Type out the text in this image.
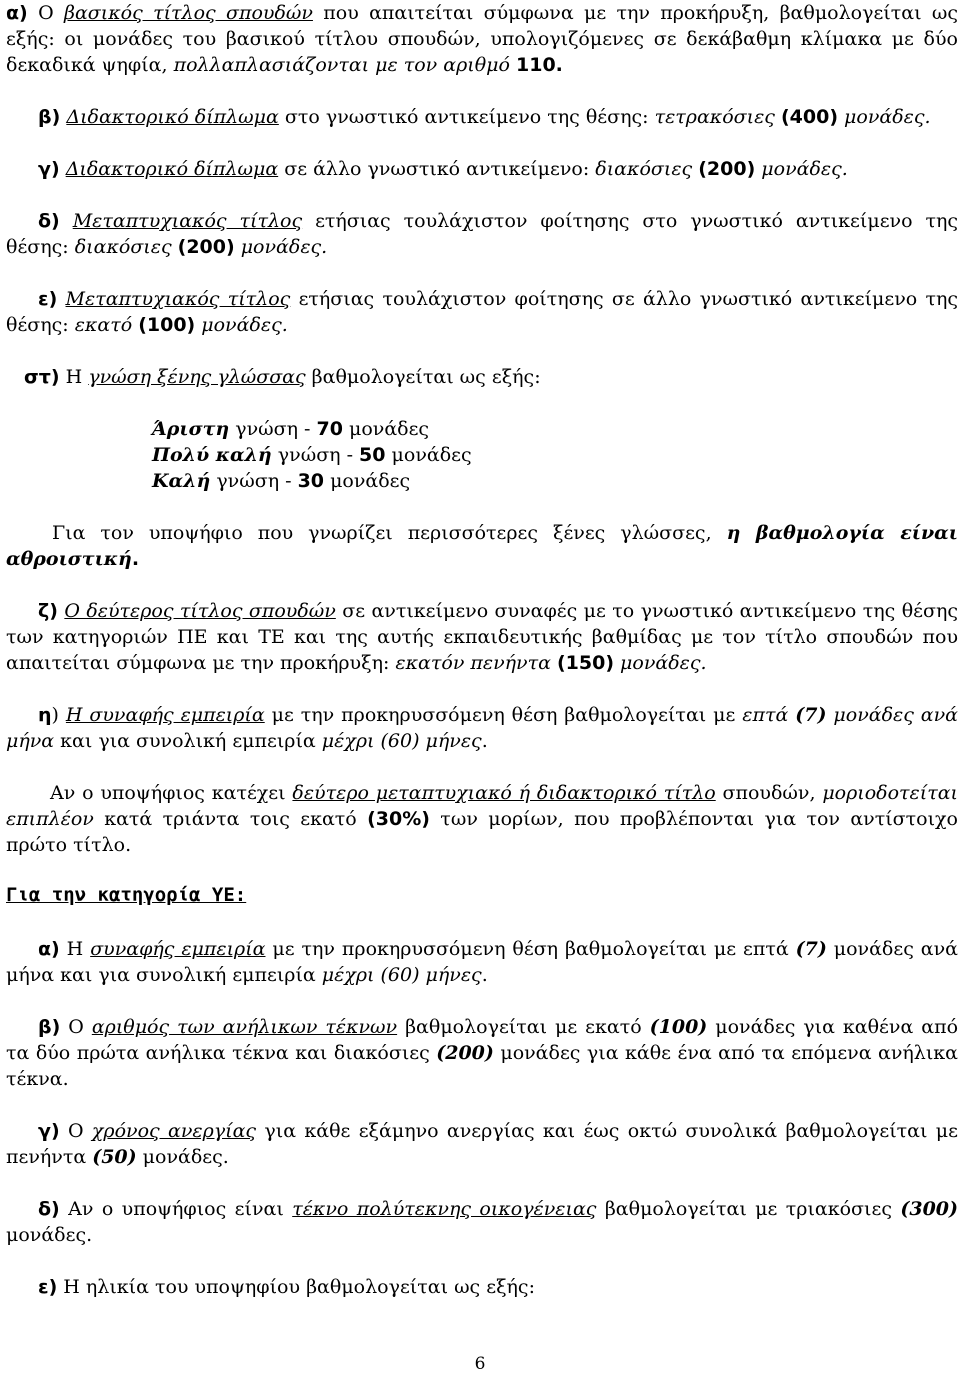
α) Ο βασικός τίτλος σπουδών που απαιτείται σύμφωνα με την προκήρυξη, βαθμολογείται ως εξής: οι μονάδες του βασικού τίτλου σπουδών, υπολογιζόμενες σε δεκάβαθμη κλίμακα με δύο δεκαδικά ψηφία, πολλαπλασιάζονται με τον αριθμό 110.
β) Διδακτορικό δίπλωμα στο γνωστικό αντικείμενο της θέσης: τετρακόσιες (400) μονάδες.
γ) Διδακτορικό δίπλωμα σε άλλο γνωστικό αντικείμενο: διακόσιες (200) μονάδες.
δ) Μεταπτυχιακός τίτλος ετήσιας τουλάχιστον φοίτησης στο γνωστικό αντικείμενο της θέσης: διακόσιες (200) μονάδες.
ε) Μεταπτυχιακός τίτλος ετήσιας τουλάχιστον φοίτησης σε άλλο γνωστικό αντικείμενο της θέσης: εκατό (100) μονάδες.
στ) Η γνώση ξένης γλώσσας βαθμολογείται ως εξής:
Άριστη γνώση - 70 μονάδες
Πολύ καλή γνώση - 50 μονάδες
Καλή γνώση - 30 μονάδες
Για τον υποψήφιο που γνωρίζει περισσότερες ξένες γλώσσες, η βαθμολογία είναι αθροιστική.
ζ) Ο δεύτερος τίτλος σπουδών σε αντικείμενο συναφές με το γνωστικό αντικείμενο της θέσης των κατηγοριών ΠΕ και ΤΕ και της αυτής εκπαιδευτικής βαθμίδας με τον τίτλο σπουδών που απαιτείται σύμφωνα με την προκήρυξη: εκατόν πενήντα (150) μονάδες.
η) Η συναφής εμπειρία με την προκηρυσσόμενη θέση βαθμολογείται με επτά (7) μονάδες ανά μήνα και για συνολική εμπειρία μέχρι (60) μήνες.
Αν ο υποψήφιος κατέχει δεύτερο μεταπτυχιακό ή διδακτορικό τίτλο σπουδών, μοριοδοτείται επιπλέον κατά τριάντα τοις εκατό (30%) των μορίων, που προβλέπονται για τον αντίστοιχο πρώτο τίτλο.
Για την κατηγορία ΥΕ:
α) Η συναφής εμπειρία με την προκηρυσσόμενη θέση βαθμολογείται με επτά (7) μονάδες ανά μήνα και για συνολική εμπειρία μέχρι (60) μήνες.
β) Ο αριθμός των ανήλικων τέκνων βαθμολογείται με εκατό (100) μονάδες για καθένα από τα δύο πρώτα ανήλικα τέκνα και διακόσιες (200) μονάδες για κάθε ένα από τα επόμενα ανήλικα τέκνα.
γ) Ο χρόνος ανεργίας για κάθε εξάμηνο ανεργίας και έως οκτώ συνολικά βαθμολογείται με πενήντα (50) μονάδες.
δ) Αν ο υποψήφιος είναι τέκνο πολύτεκνης οικογένειας βαθμολογείται με τριακόσιες (300) μονάδες.
ε) Η ηλικία του υποψηφίου βαθμολογείται ως εξής:
6
